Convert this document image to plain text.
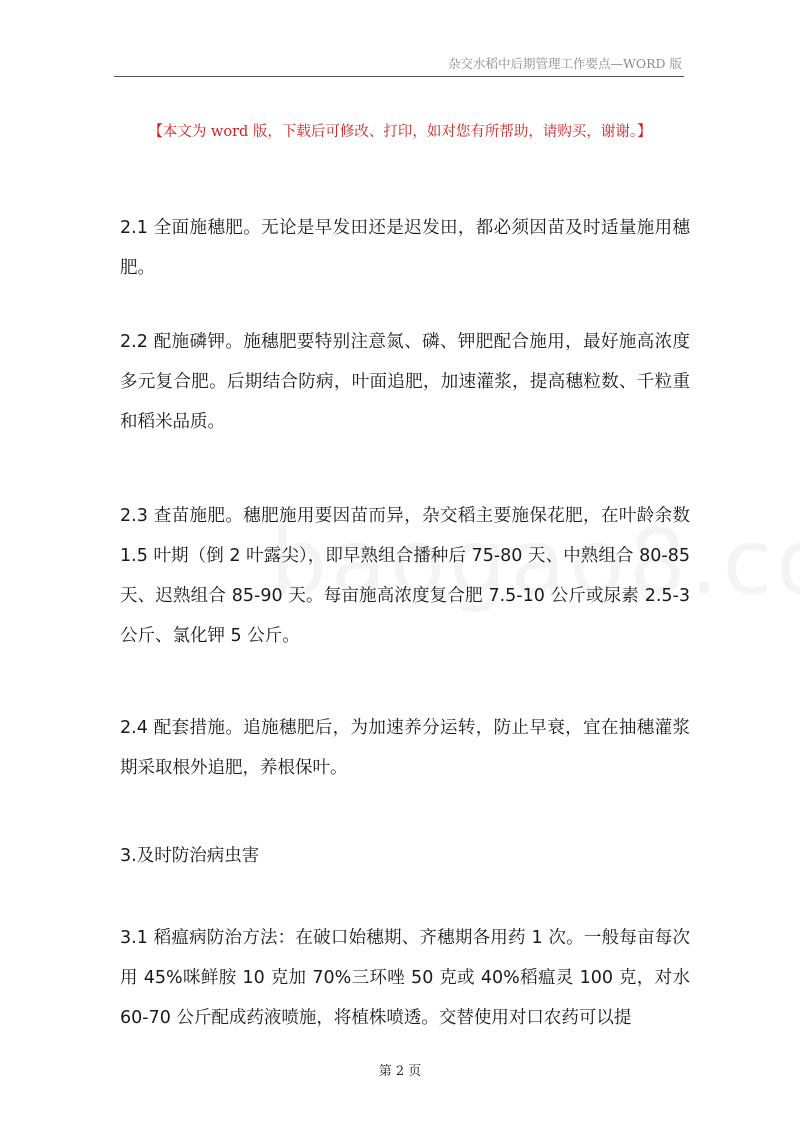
杂交水稻中后期管理工作要点—WORD 版
【本文为 word 版，下载后可修改、打印，如对您有所帮助，请购买，谢谢。】

2.1 全面施穗肥。无论是早发田还是迟发田，都必须因苗及时适量施用穗肥。

2.2 配施磷钾。施穗肥要特别注意氮、磷、钾肥配合施用，最好施高浓度多元复合肥。后期结合防病，叶面追肥，加速灌浆，提高穗粒数、千粒重和稻米品质。

2.3 查苗施肥。穗肥施用要因苗而异，杂交稻主要施保花肥，在叶龄余数 1.5 叶期（倒 2 叶露尖），即早熟组合播种后 75-80 天、中熟组合 80-85 天、迟熟组合 85-90 天。每亩施高浓度复合肥 7.5-10 公斤或尿素 2.5-3 公斤、氯化钾 5 公斤。

2.4 配套措施。追施穗肥后，为加速养分运转，防止早衰，宜在抽穗灌浆期采取根外追肥，养根保叶。

3.及时防治病虫害

3.1 稻瘟病防治方法：在破口始穗期、齐穗期各用药 1 次。一般每亩每次用 45%咪鲜胺 10 克加 70%三环唑 50 克或 40%稻瘟灵 100 克，对水 60-70 公斤配成药液喷施，将植株喷透。交替使用对口农药可以提

第 2 页
